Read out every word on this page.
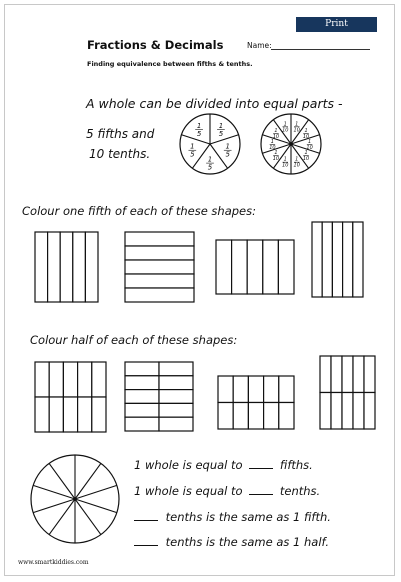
Print
Fractions & Decimals	Name:
Finding equivalence between fifths & tenths.
A whole can be divided into equal parts -
5 fifths and
10 tenths.
Colour one fifth of each of these shapes:
Colour half of each of these shapes:
1 whole is equal to	fifths.
1 whole is equal to	tenths.
tenths is the same as 1 fifth.
tenths is the same as 1 half.
www.smartkiddies.com
1
5
1
5
1
5
1
5
1
5
1
10 1
10
1
10
1
10
1
10
1
10
1
10
1
10
1
10
1
10
